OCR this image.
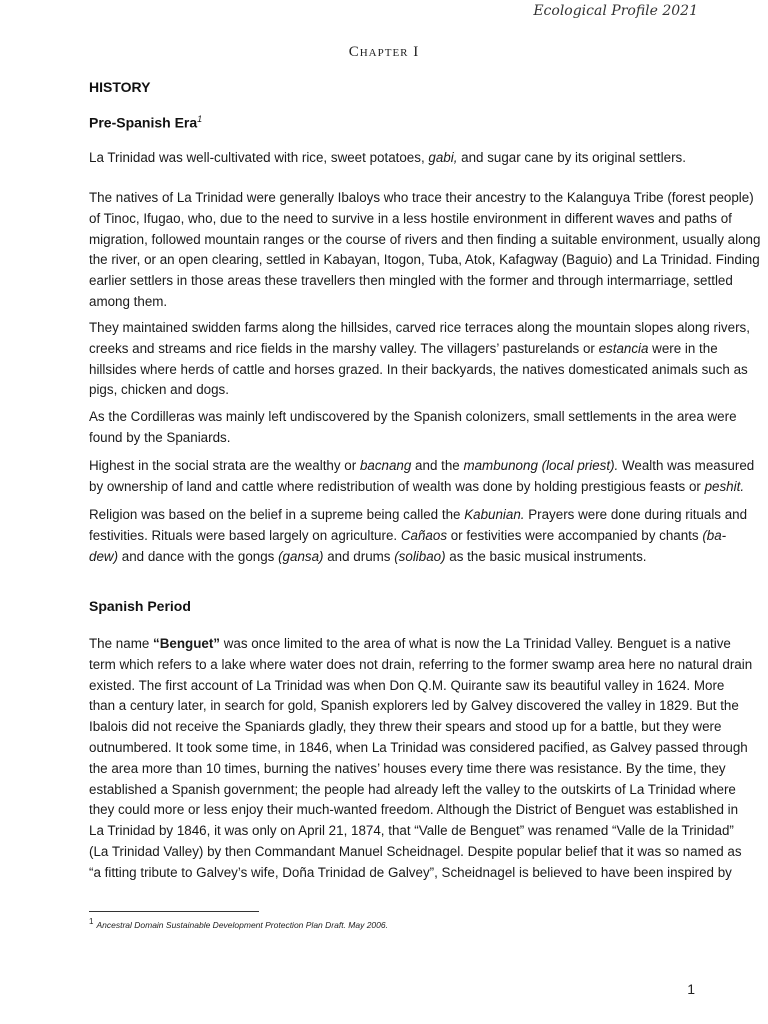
Ecological Profile 2021
Chapter I
HISTORY
Pre-Spanish Era$^1$
La Trinidad was well-cultivated with rice, sweet potatoes, gabi, and sugar cane by its original settlers.
The natives of La Trinidad were generally Ibaloys who trace their ancestry to the Kalanguya Tribe (forest people)
of Tinoc, Ifugao, who, due to the need to survive in a less hostile environment in different waves and paths of
migration, followed mountain ranges or the course of rivers and then finding a suitable environment, usually along
the river, or an open clearing, settled in Kabayan, Itogon, Tuba, Atok, Kafagway (Baguio) and La Trinidad. Finding
earlier settlers in those areas these travellers then mingled with the former and through intermarriage, settled
among them.
They maintained swidden farms along the hillsides, carved rice terraces along the mountain slopes along rivers,
creeks and streams and rice fields in the marshy valley. The villagers’ pasturelands or estancia were in the
hillsides where herds of cattle and horses grazed. In their backyards, the natives domesticated animals such as
pigs, chicken and dogs.
As the Cordilleras was mainly left undiscovered by the Spanish colonizers, small settlements in the area were
found by the Spaniards.
Highest in the social strata are the wealthy or bacnang and the mambunong (local priest). Wealth was measured
by ownership of land and cattle where redistribution of wealth was done by holding prestigious feasts or peshit.
Religion was based on the belief in a supreme being called the Kabunian. Prayers were done during rituals and
festivities. Rituals were based largely on agriculture. Cañaos or festivities were accompanied by chants (ba-
dew) and dance with the gongs (gansa) and drums (solibao) as the basic musical instruments.
Spanish Period
The name “Benguet” was once limited to the area of what is now the La Trinidad Valley. Benguet is a native
term which refers to a lake where water does not drain, referring to the former swamp area here no natural drain
existed. The first account of La Trinidad was when Don Q.M. Quirante saw its beautiful valley in 1624. More
than a century later, in search for gold, Spanish explorers led by Galvey discovered the valley in 1829. But the
Ibalois did not receive the Spaniards gladly, they threw their spears and stood up for a battle, but they were
outnumbered. It took some time, in 1846, when La Trinidad was considered pacified, as Galvey passed through
the area more than 10 times, burning the natives’ houses every time there was resistance. By the time, they
established a Spanish government; the people had already left the valley to the outskirts of La Trinidad where
they could more or less enjoy their much-wanted freedom. Although the District of Benguet was established in
La Trinidad by 1846, it was only on April 21, 1874, that “Valle de Benguet” was renamed “Valle de la Trinidad”
(La Trinidad Valley) by then Commandant Manuel Scheidnagel. Despite popular belief that it was so named as
“a fitting tribute to Galvey’s wife, Doña Trinidad de Galvey”, Scheidnagel is believed to have been inspired by
$^1$ Ancestral Domain Sustainable Development Protection Plan Draft. May 2006.
1
